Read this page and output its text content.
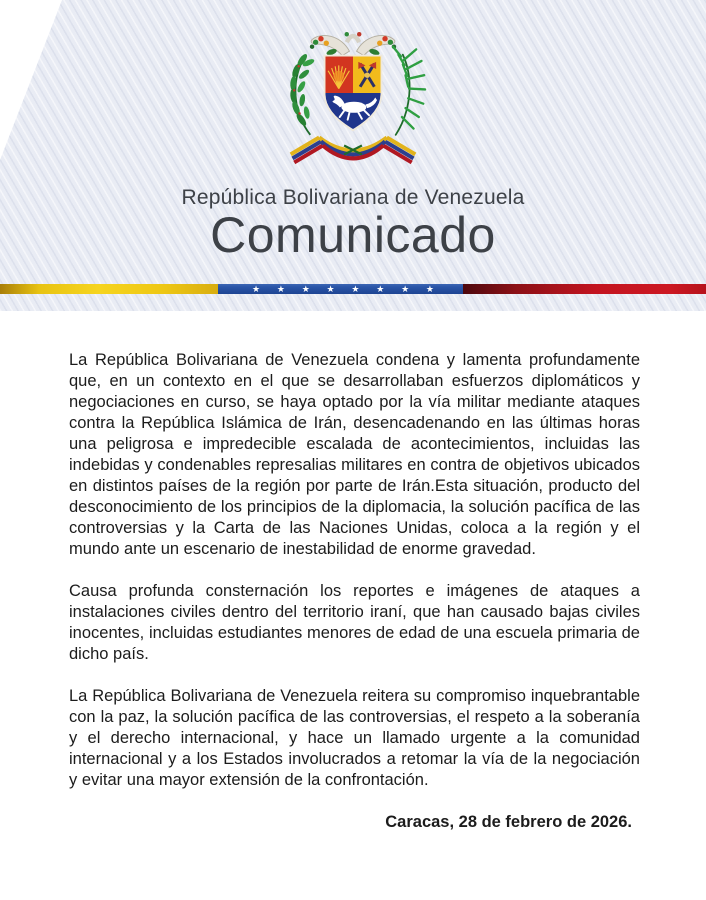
República Bolivariana de Venezuela
Comunicado
★ ★ ★ ★ ★ ★ ★ ★

La República Bolivariana de Venezuela condena y lamenta profundamente que, en un contexto en el que se desarrollaban esfuerzos diplomáticos y negociaciones en curso, se haya optado por la vía militar mediante ataques contra la República Islámica de Irán, desencadenando en las últimas horas una peligrosa e impredecible escalada de acontecimientos, incluidas las indebidas y condenables represalias militares en contra de objetivos ubicados en distintos países de la región por parte de Irán.Esta situación, producto del desconocimiento de los principios de la diplomacia, la solución pacífica de las controversias y la Carta de las Naciones Unidas, coloca a la región y el mundo ante un escenario de inestabilidad de enorme gravedad.

Causa profunda consternación los reportes e imágenes de ataques a instalaciones civiles dentro del territorio iraní, que han causado bajas civiles inocentes, incluidas estudiantes menores de edad de una escuela primaria de dicho país.

La República Bolivariana de Venezuela reitera su compromiso inquebrantable con la paz, la solución pacífica de las controversias, el respeto a la soberanía y el derecho internacional, y hace un llamado urgente a la comunidad internacional y a los Estados involucrados a retomar la vía de la negociación y evitar una mayor extensión de la confrontación.

Caracas, 28 de febrero de 2026.
